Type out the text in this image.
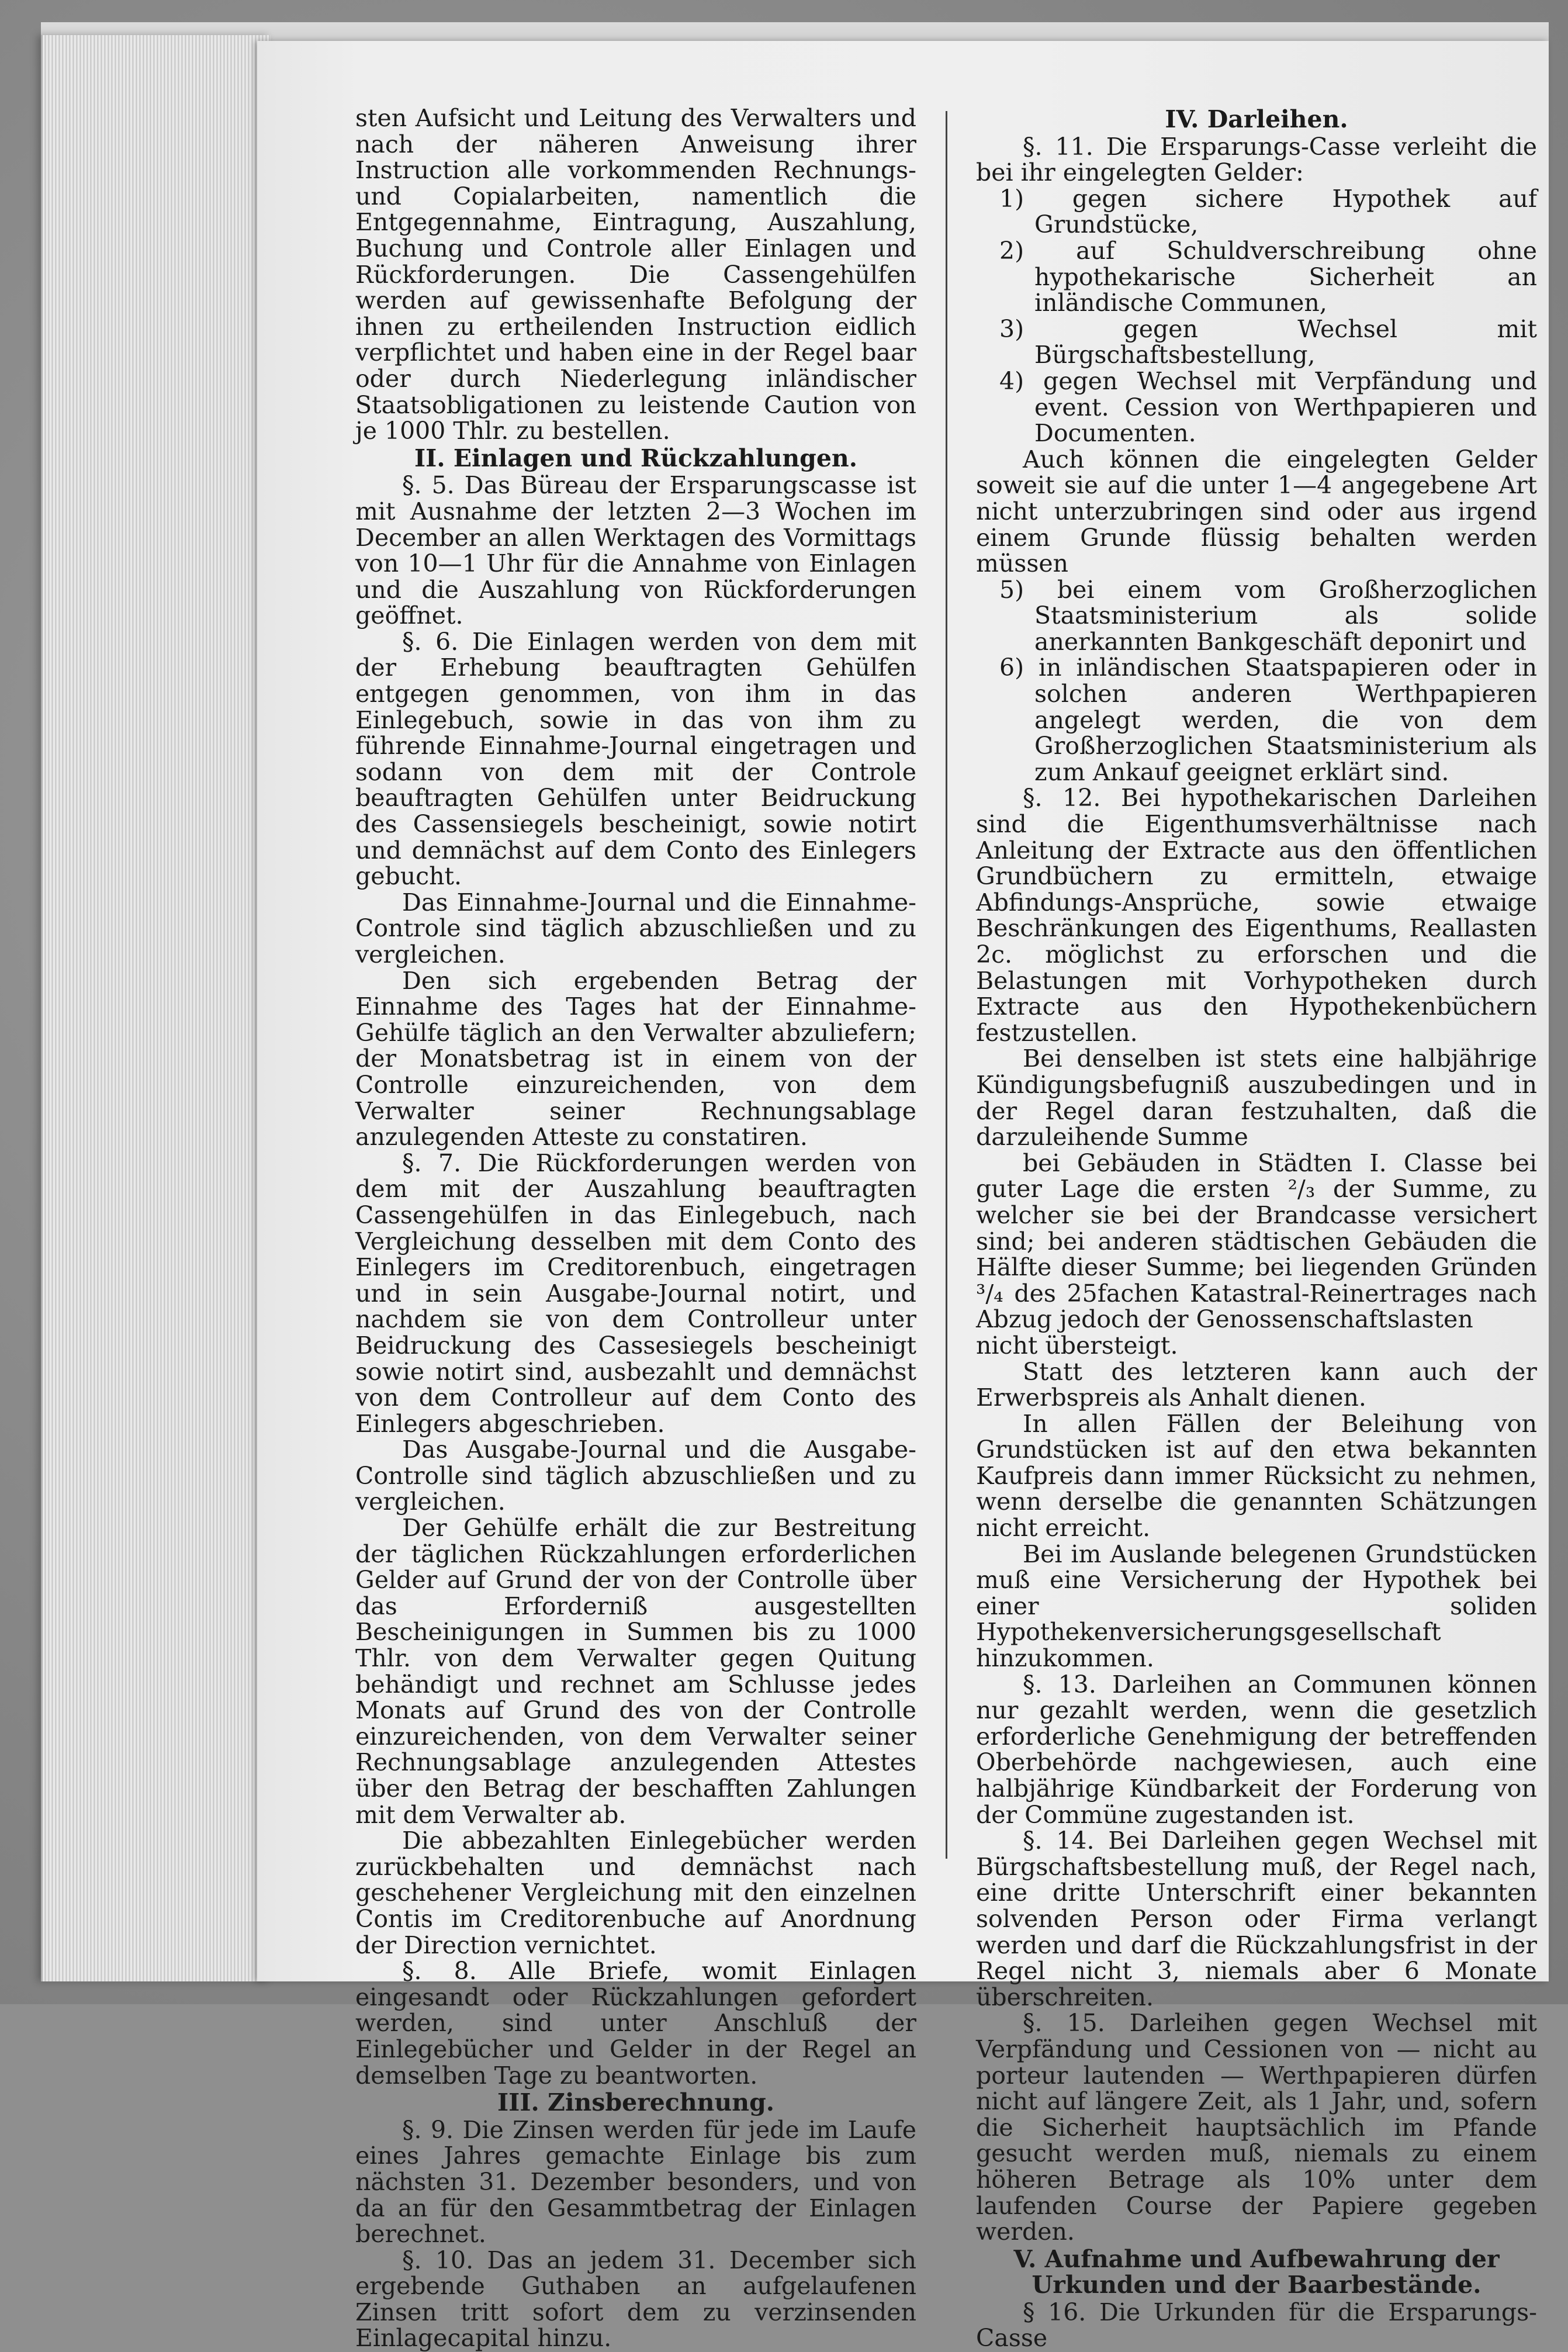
sten Aufsicht und Leitung des Verwalters und nach der näheren Anweisung ihrer Instruction alle vorkommenden Rechnungs- und Copialarbeiten, namentlich die Entgegennahme, Eintragung, Auszahlung, Buchung und Controle aller Einlagen und Rückforderungen. Die Cassengehülfen werden auf gewissenhafte Befolgung der ihnen zu ertheilenden Instruction eidlich verpflichtet und haben eine in der Regel baar oder durch Niederlegung inländischer Staatsobligationen zu leistende Caution von je 1000 Thlr. zu bestellen.

II. Einlagen und Rückzahlungen.

§. 5. Das Büreau der Ersparungscasse ist mit Ausnahme der letzten 2—3 Wochen im December an allen Werktagen des Vormittags von 10—1 Uhr für die Annahme von Einlagen und die Auszahlung von Rückforderungen geöffnet.

§. 6. Die Einlagen werden von dem mit der Erhebung beauftragten Gehülfen entgegen genommen, von ihm in das Einlegebuch, sowie in das von ihm zu führende Einnahme-Journal eingetragen und sodann von dem mit der Controle beauftragten Gehülfen unter Beidruckung des Cassensiegels bescheinigt, sowie notirt und demnächst auf dem Conto des Einlegers gebucht.

Das Einnahme-Journal und die Einnahme-Controle sind täglich abzuschließen und zu vergleichen.

Den sich ergebenden Betrag der Einnahme des Tages hat der Einnahme-Gehülfe täglich an den Verwalter abzuliefern; der Monatsbetrag ist in einem von der Controlle einzureichenden, von dem Verwalter seiner Rechnungsablage anzulegenden Atteste zu constatiren.

§. 7. Die Rückforderungen werden von dem mit der Auszahlung beauftragten Cassengehülfen in das Einlegebuch, nach Vergleichung desselben mit dem Conto des Einlegers im Creditorenbuch, eingetragen und in sein Ausgabe-Journal notirt, und nachdem sie von dem Controlleur unter Beidruckung des Cassesiegels bescheinigt sowie notirt sind, ausbezahlt und demnächst von dem Controlleur auf dem Conto des Einlegers abgeschrieben.

Das Ausgabe-Journal und die Ausgabe-Controlle sind täglich abzuschließen und zu vergleichen.

Der Gehülfe erhält die zur Bestreitung der täglichen Rückzahlungen erforderlichen Gelder auf Grund der von der Controlle über das Erforderniß ausgestellten Bescheinigungen in Summen bis zu 1000 Thlr. von dem Verwalter gegen Quitung behändigt und rechnet am Schlusse jedes Monats auf Grund des von der Controlle einzureichenden, von dem Verwalter seiner Rechnungsablage anzulegenden Attestes über den Betrag der beschafften Zahlungen mit dem Verwalter ab.

Die abbezahlten Einlegebücher werden zurückbehalten und demnächst nach geschehener Vergleichung mit den einzelnen Contis im Creditorenbuche auf Anordnung der Direction vernichtet.

§. 8. Alle Briefe, womit Einlagen eingesandt oder Rückzahlungen gefordert werden, sind unter Anschluß der Einlegebücher und Gelder in der Regel an demselben Tage zu beantworten.

III. Zinsberechnung.

§. 9. Die Zinsen werden für jede im Laufe eines Jahres gemachte Einlage bis zum nächsten 31. Dezember besonders, und von da an für den Gesammtbetrag der Einlagen berechnet.

§. 10. Das an jedem 31. December sich ergebende Guthaben an aufgelaufenen Zinsen tritt sofort dem zu verzinsenden Einlagecapital hinzu.

IV. Darleihen.

§. 11. Die Ersparungs-Casse verleiht die bei ihr eingelegten Gelder:

1) gegen sichere Hypothek auf Grundstücke,
2) auf Schuldverschreibung ohne hypothekarische Sicherheit an inländische Communen,
3) gegen Wechsel mit Bürgschaftsbestellung,
4) gegen Wechsel mit Verpfändung und event. Cession von Werthpapieren und Documenten.

Auch können die eingelegten Gelder soweit sie auf die unter 1—4 angegebene Art nicht unterzubringen sind oder aus irgend einem Grunde flüssig behalten werden müssen

5) bei einem vom Großherzoglichen Staatsministerium als solide anerkannten Bankgeschäft deponirt und
6) in inländischen Staatspapieren oder in solchen anderen Werthpapieren angelegt werden, die von dem Großherzoglichen Staatsministerium als zum Ankauf geeignet erklärt sind.

§. 12. Bei hypothekarischen Darleihen sind die Eigenthumsverhältnisse nach Anleitung der Extracte aus den öffentlichen Grundbüchern zu ermitteln, etwaige Abfindungs-Ansprüche, sowie etwaige Beschränkungen des Eigenthums, Reallasten 2c. möglichst zu erforschen und die Belastungen mit Vorhypotheken durch Extracte aus den Hypothekenbüchern festzustellen.

Bei denselben ist stets eine halbjährige Kündigungsbefugniß auszubedingen und in der Regel daran festzuhalten, daß die darzuleihende Summe

bei Gebäuden in Städten I. Classe bei guter Lage die ersten ²/₃ der Summe, zu welcher sie bei der Brandcasse versichert sind; bei anderen städtischen Gebäuden die Hälfte dieser Summe; bei liegenden Gründen ³/₄ des 25fachen Katastral-Reinertrages nach Abzug jedoch der Genossenschaftslasten

nicht übersteigt.

Statt des letzteren kann auch der Erwerbspreis als Anhalt dienen.

In allen Fällen der Beleihung von Grundstücken ist auf den etwa bekannten Kaufpreis dann immer Rücksicht zu nehmen, wenn derselbe die genannten Schätzungen nicht erreicht.

Bei im Auslande belegenen Grundstücken muß eine Versicherung der Hypothek bei einer soliden Hypothekenversicherungsgesellschaft hinzukommen.

§. 13. Darleihen an Communen können nur gezahlt werden, wenn die gesetzlich erforderliche Genehmigung der betreffenden Oberbehörde nachgewiesen, auch eine halbjährige Kündbarkeit der Forderung von der Commüne zugestanden ist.

§. 14. Bei Darleihen gegen Wechsel mit Bürgschaftsbestellung muß, der Regel nach, eine dritte Unterschrift einer bekannten solvenden Person oder Firma verlangt werden und darf die Rückzahlungsfrist in der Regel nicht 3, niemals aber 6 Monate überschreiten.

§. 15. Darleihen gegen Wechsel mit Verpfändung und Cessionen von — nicht au porteur lautenden — Werthpapieren dürfen nicht auf längere Zeit, als 1 Jahr, und, sofern die Sicherheit hauptsächlich im Pfande gesucht werden muß, niemals zu einem höheren Betrage als 10% unter dem laufenden Course der Papiere gegeben werden.

V. Aufnahme und Aufbewahrung der Urkunden und der Baarbestände.

§ 16. Die Urkunden für die Ersparungs-Casse
